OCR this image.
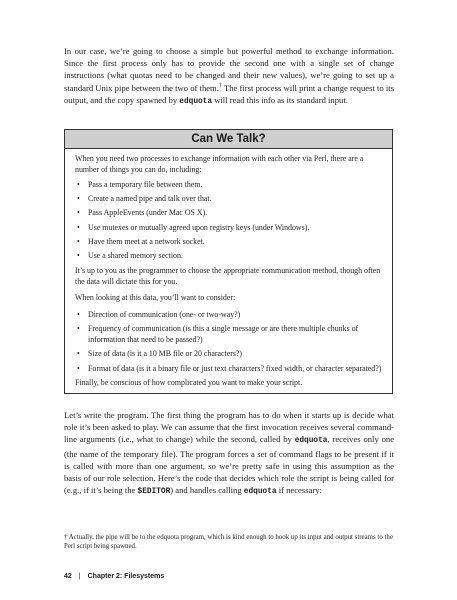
In our case, we’re going to choose a simple but powerful method to exchange information. Since the first process only has to provide the second one with a single set of change instructions (what quotas need to be changed and their new values), we’re going to set up a standard Unix pipe between the two of them.† The first process will print a change request to its output, and the copy spawned by edquota will read this info as its standard input.

Can We Talk?

When you need two processes to exchange information with each other via Perl, there are a number of things you can do, including:

• Pass a temporary file between them.
• Create a named pipe and talk over that.
• Pass AppleEvents (under Mac OS X).
• Use mutexes or mutually agreed upon registry keys (under Windows).
• Have them meet at a network socket.
• Use a shared memory section.

It’s up to you as the programmer to choose the appropriate communication method, though often the data will dictate this for you.

When looking at this data, you’ll want to consider:

• Direction of communication (one- or two-way?)
• Frequency of communication (is this a single message or are there multiple chunks of information that need to be passed?)
• Size of data (is it a 10 MB file or 20 characters?)
• Format of data (is it a binary file or just text characters? fixed width, or character separated?)

Finally, be conscious of how complicated you want to make your script.

Let’s write the program. The first thing the program has to do when it starts up is decide what role it’s been asked to play. We can assume that the first invocation receives several command-line arguments (i.e., what to change) while the second, called by edquota, receives only one (the name of the temporary file). The program forces a set of command flags to be present if it is called with more than one argument, so we’re pretty safe in using this assumption as the basis of our role selection. Here’s the code that decides which role the script is being called for (e.g., if it’s being the $EDITOR) and handles calling edquota if necessary:

† Actually, the pipe will be to the edquota program, which is kind enough to hook up its input and output streams to the Perl script being spawned.

42 | Chapter 2: Filesystems
